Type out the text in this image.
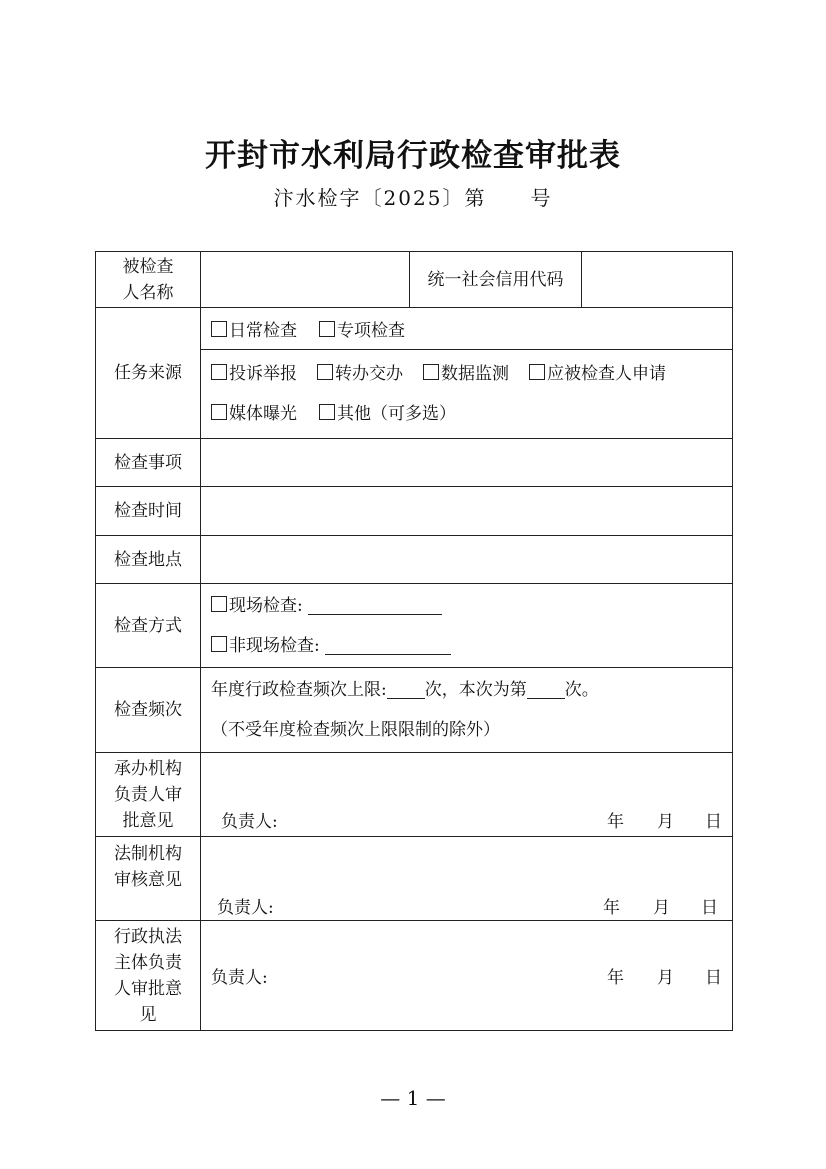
开封市水利局行政检查审批表
汴水检字〔2025〕第 号
被检查人名称		统一社会信用代码	
任务来源	日常检查 专项检查		

	投诉举报 转办交办 数据监测 应被检查人申请
媒体曝光 其他（可多选）		

检查事项			
检查时间			
检查地点			
检查方式	现场检查:
非现场检查:		

检查频次	年度行政检查频次上限: 次，本次为第 次。
（不受年度检查频次上限限制的除外）		

承办机构负责人审批意见	负责人: 年 月 日		

法制机构审核意见	负责人: 年 月 日		

行政执法主体负责人审批意见	负责人: 年 月 日		
— 1 —
